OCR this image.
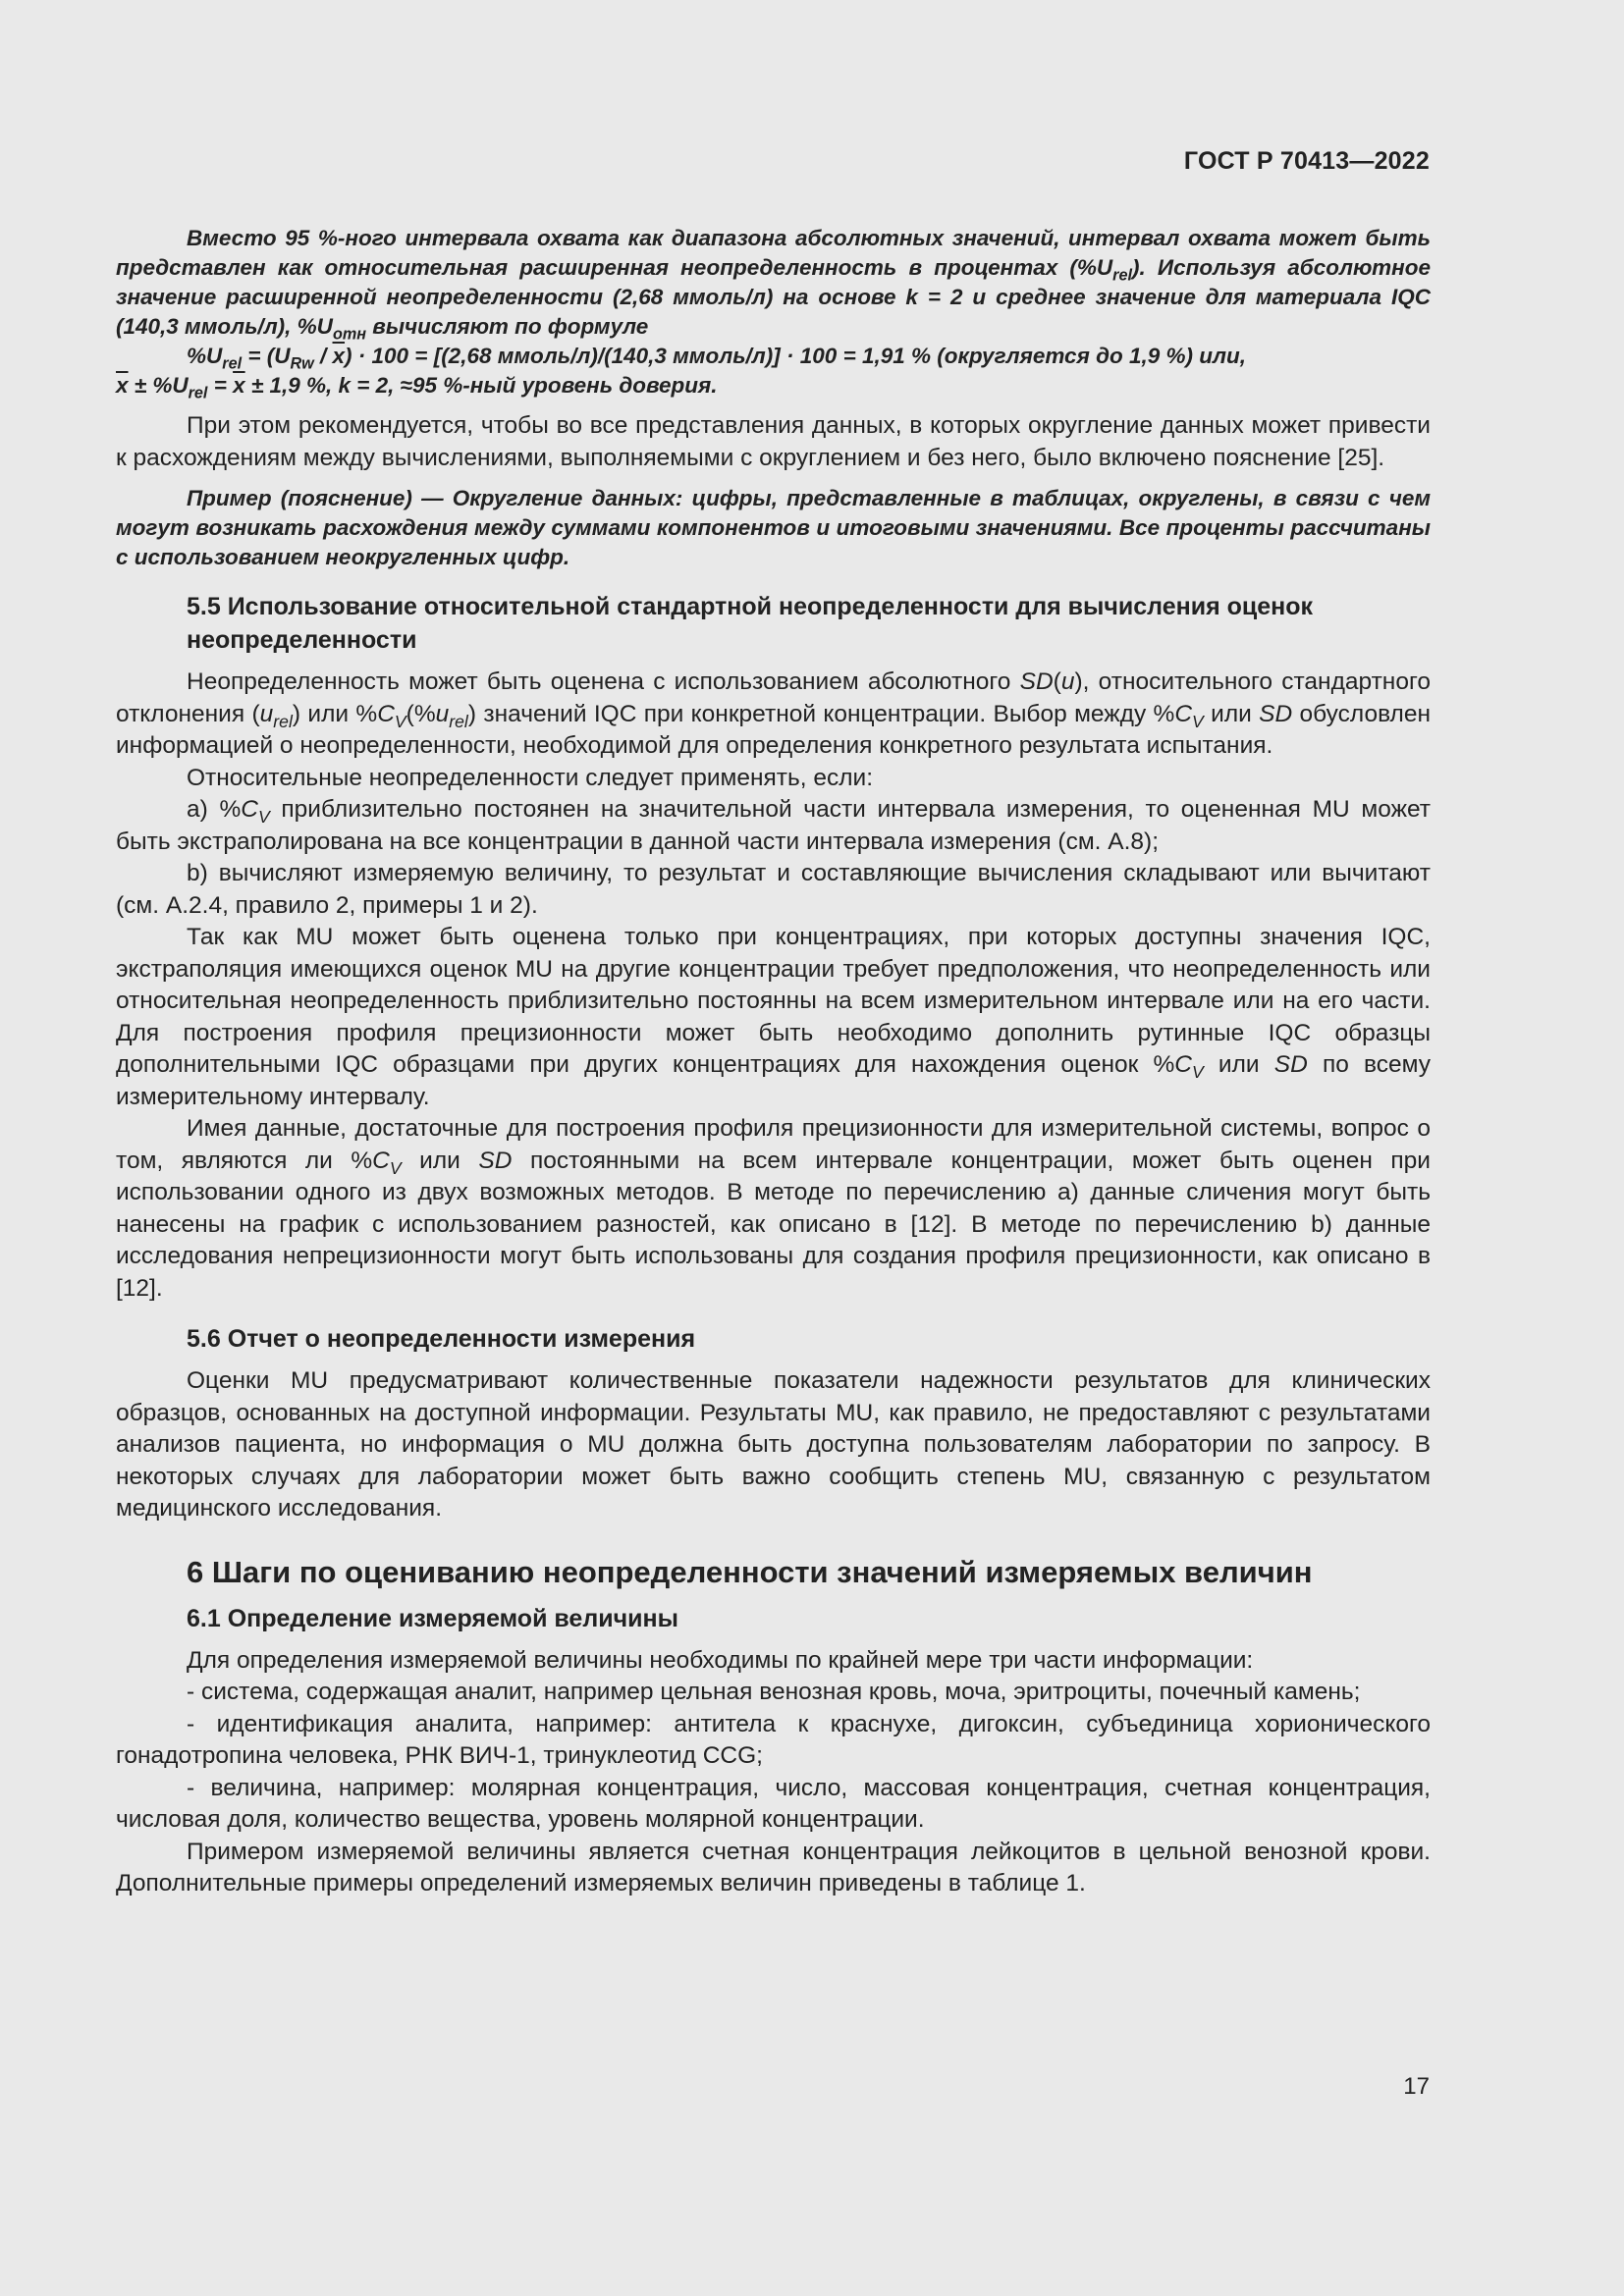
ГОСТ Р 70413—2022

Вместо 95 %-ного интервала охвата как диапазона абсолютных значений, интервал охвата может быть представлен как относительная расширенная неопределенность в процентах $(\%U_{rel})$. Используя абсолютное значение расширенной неопределенности (2,68 ммоль/л) на основе k = 2 и среднее значение для материала IQC (140,3 ммоль/л), $\%U_{отн}$ вычисляют по формуле

$\%U_{rel} = (U_{Rw} / \overline{x}) \cdot 100 = [(2,68$ ммоль/л)/(140,3 ммоль/л)] · 100 = 1,91 % (округляется до 1,9 %) или,

$\overline{x} \pm \%U_{rel} = \overline{x} \pm 1,9$ %, k = 2, ≈95 %-ный уровень доверия.

При этом рекомендуется, чтобы во все представления данных, в которых округление данных может привести к расхождениям между вычислениями, выполняемыми с округлением и без него, было включено пояснение [25].

Пример (пояснение) — Округление данных: цифры, представленные в таблицах, округлены, в связи с чем могут возникать расхождения между суммами компонентов и итоговыми значениями. Все проценты рассчитаны с использованием неокругленных цифр.

5.5 Использование относительной стандартной неопределенности для вычисления оценок неопределенности

Неопределенность может быть оценена с использованием абсолютного SD(u), относительного стандартного отклонения $(u_{rel})$ или $\%C_V(\%u_{rel})$ значений IQC при конкретной концентрации. Выбор между $\%C_V$ или SD обусловлен информацией о неопределенности, необходимой для определения конкретного результата испытания.

Относительные неопределенности следует применять, если:

a) $\%C_V$ приблизительно постоянен на значительной части интервала измерения, то оцененная MU может быть экстраполирована на все концентрации в данной части интервала измерения (см. А.8);

b) вычисляют измеряемую величину, то результат и составляющие вычисления складывают или вычитают (см. А.2.4, правило 2, примеры 1 и 2).

Так как MU может быть оценена только при концентрациях, при которых доступны значения IQC, экстраполяция имеющихся оценок MU на другие концентрации требует предположения, что неопределенность или относительная неопределенность приблизительно постоянны на всем измерительном интервале или на его части. Для построения профиля прецизионности может быть необходимо дополнить рутинные IQC образцы дополнительными IQC образцами при других концентрациях для нахождения оценок $\%C_V$ или SD по всему измерительному интервалу.

Имея данные, достаточные для построения профиля прецизионности для измерительной системы, вопрос о том, являются ли $\%C_V$ или SD постоянными на всем интервале концентрации, может быть оценен при использовании одного из двух возможных методов. В методе по перечислению a) данные сличения могут быть нанесены на график с использованием разностей, как описано в [12]. В методе по перечислению b) данные исследования непрецизионности могут быть использованы для создания профиля прецизионности, как описано в [12].

5.6 Отчет о неопределенности измерения

Оценки MU предусматривают количественные показатели надежности результатов для клинических образцов, основанных на доступной информации. Результаты MU, как правило, не предоставляют с результатами анализов пациента, но информация о MU должна быть доступна пользователям лаборатории по запросу. В некоторых случаях для лаборатории может быть важно сообщить степень MU, связанную с результатом медицинского исследования.

6 Шаги по оцениванию неопределенности значений измеряемых величин
6.1 Определение измеряемой величины

Для определения измеряемой величины необходимы по крайней мере три части информации:

- система, содержащая аналит, например цельная венозная кровь, моча, эритроциты, почечный камень;

- идентификация аналита, например: антитела к краснухе, дигоксин, субъединица хорионического гонадотропина человека, РНК ВИЧ-1, тринуклеотид CCG;

- величина, например: молярная концентрация, число, массовая концентрация, счетная концентрация, числовая доля, количество вещества, уровень молярной концентрации.

Примером измеряемой величины является счетная концентрация лейкоцитов в цельной венозной крови. Дополнительные примеры определений измеряемых величин приведены в таблице 1.

17
